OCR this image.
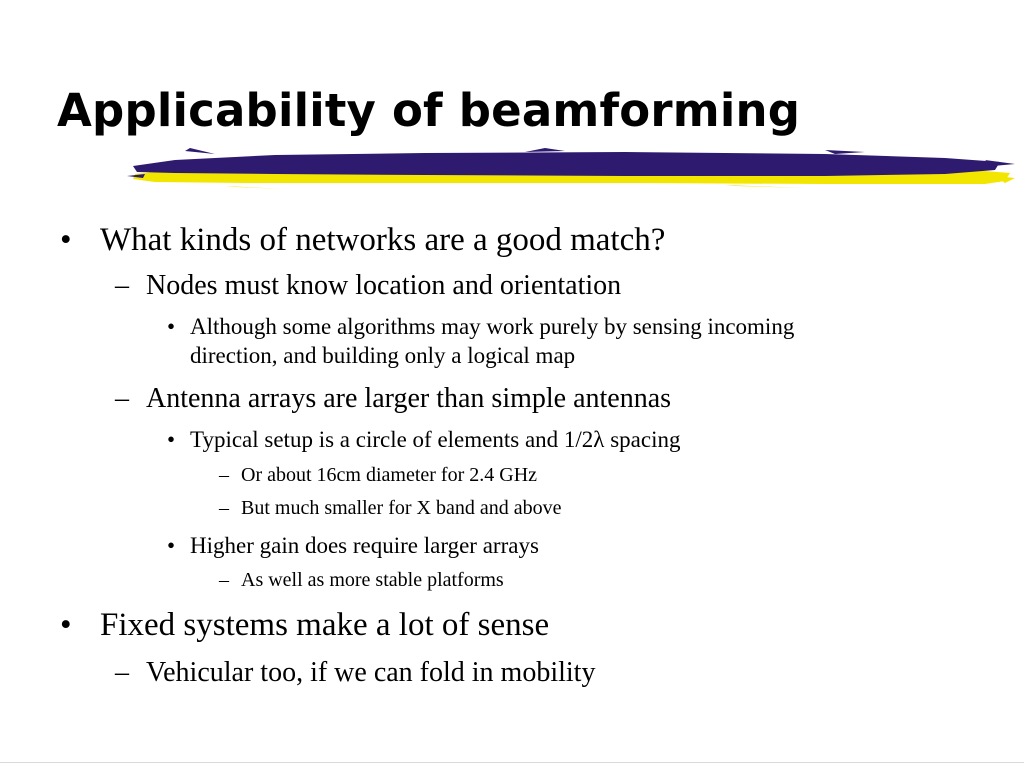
Applicability of beamforming
• What kinds of networks are a good match?
– Nodes must know location and orientation
• Although some algorithms may work purely by sensing incoming
direction, and building only a logical map
– Antenna arrays are larger than simple antennas
• Typical setup is a circle of elements and 1/2λ spacing
– Or about 16cm diameter for 2.4 GHz
– But much smaller for X band and above
• Higher gain does require larger arrays
– As well as more stable platforms
• Fixed systems make a lot of sense
– Vehicular too, if we can fold in mobility
